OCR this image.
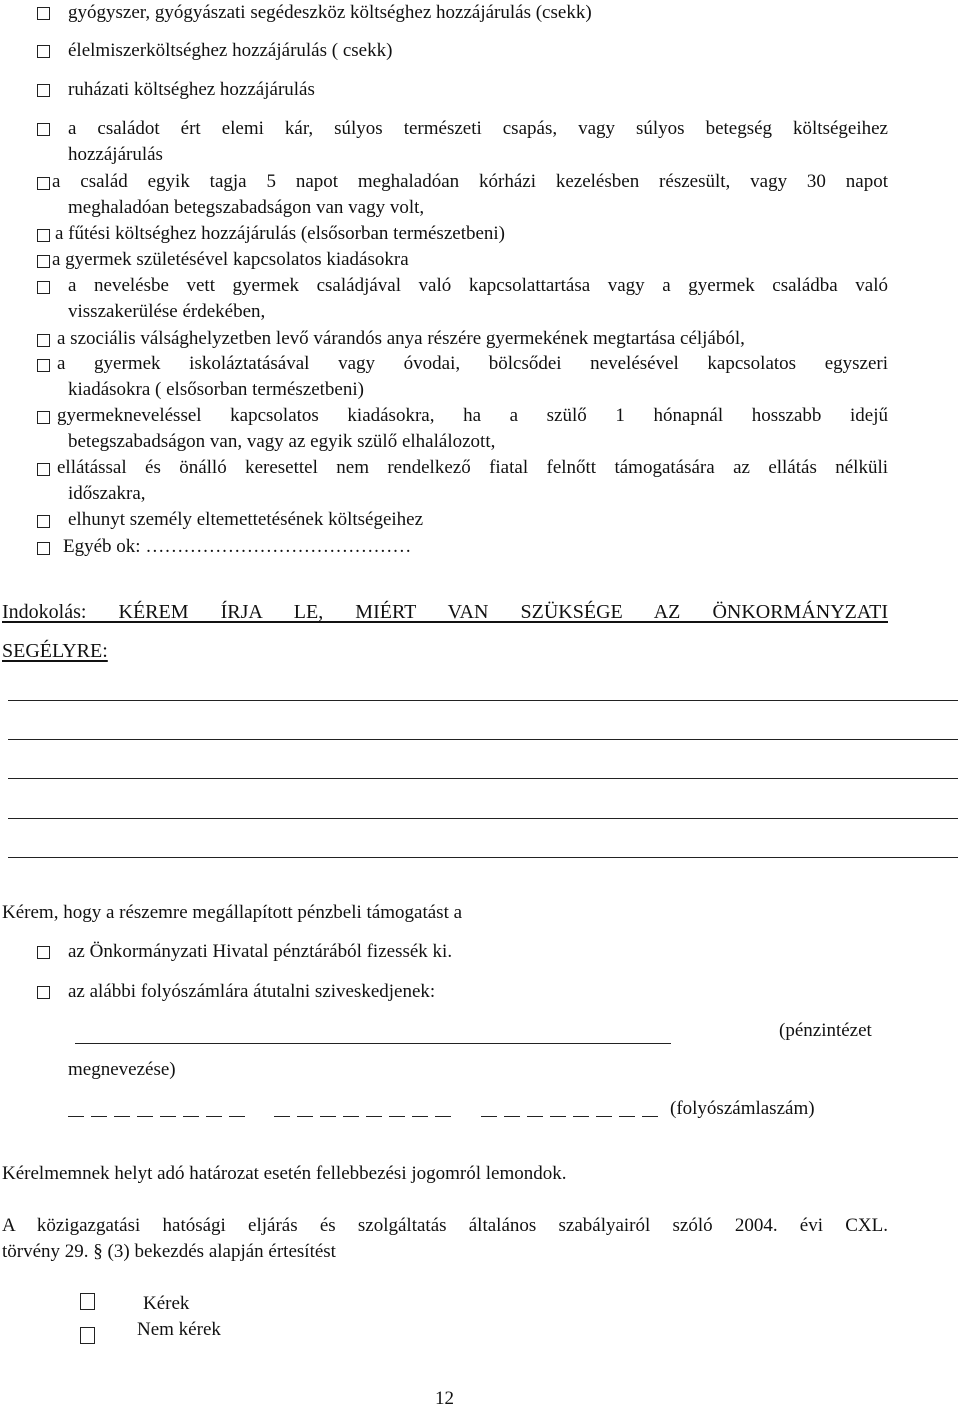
gyógyszer, gyógyászati segédeszköz költséghez hozzájárulás (csekk)
élelmiszerköltséghez hozzájárulás ( csekk)
ruházati költséghez hozzájárulás
a családot ért elemi kár, súlyos természeti csapás, vagy súlyos betegség költségeihez
hozzájárulás
a család egyik tagja 5 napot meghaladóan kórházi kezelésben részesült, vagy 30 napot
meghaladóan betegszabadságon van vagy volt,
a fűtési költséghez hozzájárulás (elsősorban természetbeni)
a gyermek születésével kapcsolatos kiadásokra
a nevelésbe vett gyermek családjával való kapcsolattartása vagy a gyermek családba való
visszakerülése érdekében,
a szociális válsághelyzetben levő várandós anya részére gyermekének megtartása céljából,
a gyermek iskoláztatásával vagy óvodai, bölcsődei nevelésével kapcsolatos egyszeri
kiadásokra ( elsősorban természetbeni)
gyermekneveléssel kapcsolatos kiadásokra, ha a szülő 1 hónapnál hosszabb idejű
betegszabadságon van, vagy az egyik szülő elhalálozott,
ellátással és önálló keresettel nem rendelkező fiatal felnőtt támogatására az ellátás nélküli
időszakra,
elhunyt személy eltemettetésének költségeihez
Egyéb ok: ……………………………………
Indokolás: KÉREM ÍRJA LE, MIÉRT VAN SZÜKSÉGE AZ ÖNKORMÁNYZATI
SEGÉLYRE:
Kérem, hogy a részemre megállapított pénzbeli támogatást a
az Önkormányzati Hivatal pénztárából fizessék ki.
az alábbi folyószámlára átutalni sziveskedjenek:
(pénzintézet
megnevezése)
(folyószámlaszám)
Kérelmemnek helyt adó határozat esetén fellebbezési jogomról lemondok.
A közigazgatási hatósági eljárás és szolgáltatás általános szabályairól szóló 2004. évi CXL.
törvény 29. § (3) bekezdés alapján értesítést
Kérek
Nem kérek
12
